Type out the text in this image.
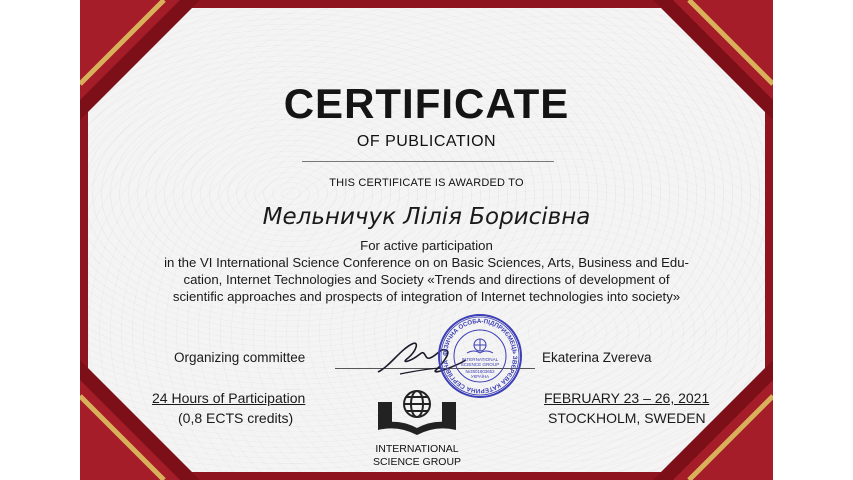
CERTIFICATE
OF PUBLICATION
THIS CERTIFICATE IS AWARDED TO
Мельничук Лілія Борисівна
For active participation
in the VI International Science Conference on on Basic Sciences, Arts, Business and Edu-
cation, Internet Technologies and Society «Trends and directions of development of
scientific approaches and prospects of integration of Internet technologies into society»
Organizing committee	ФІЗИЧНА ОСОБА-ПІДПРИЄМЕЦЬ ЗВЄРЄВА КАТЕРИНА СЕРГІЇВНА	INTERNATIONAL
SCIENCE GROUP
№3501803652
УКРАЇНА
Ekaterina Zvereva
24 Hours of Participation
(0,8 ECTS credits)
FEBRUARY 23 – 26, 2021
STOCKHOLM, SWEDEN
INTERNATIONAL
SCIENCE GROUP
